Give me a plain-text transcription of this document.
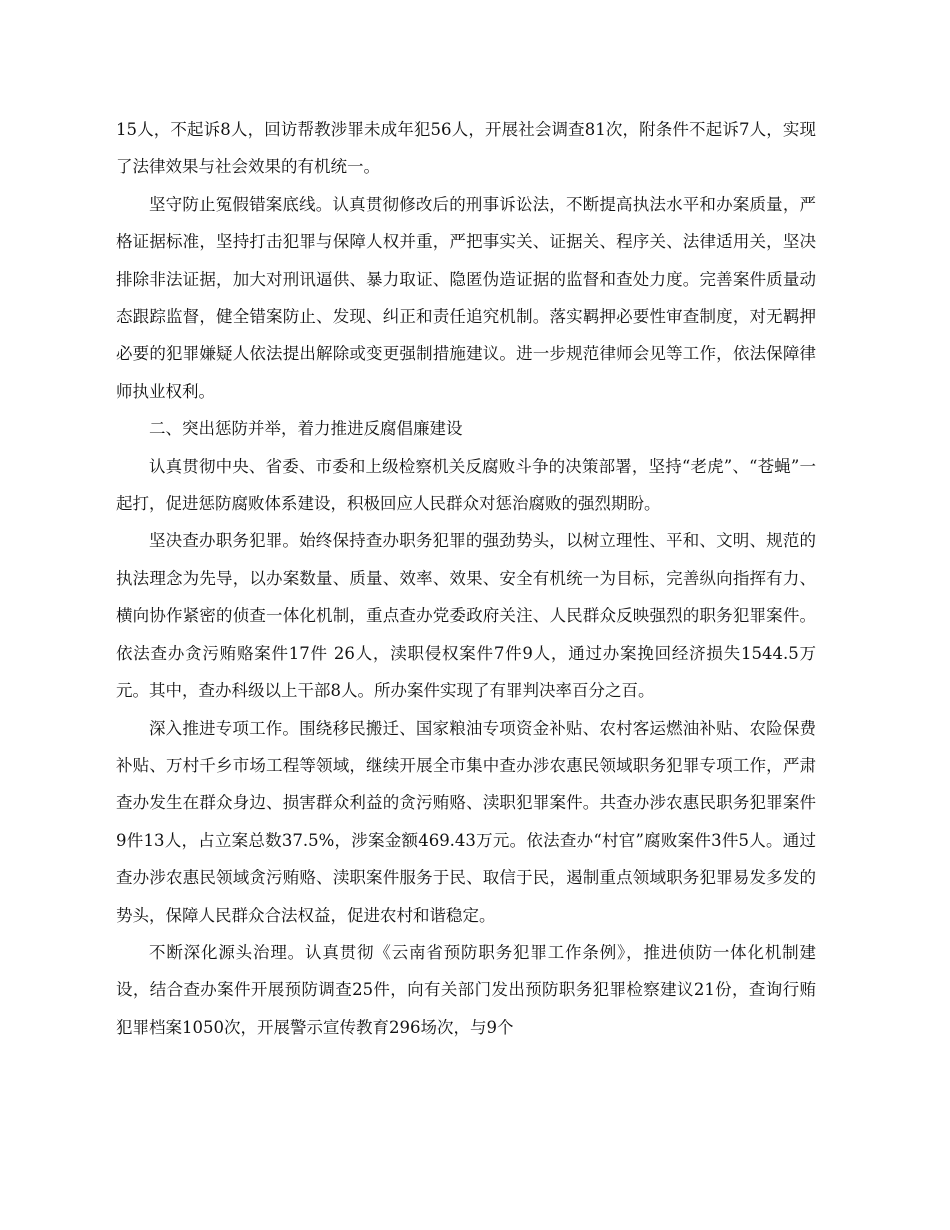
15人，不起诉8人，回访帮教涉罪未成年犯56人，开展社会调查81次，附条件不起诉7人，实现了法律效果与社会效果的有机统一。

坚守防止冤假错案底线。认真贯彻修改后的刑事诉讼法，不断提高执法水平和办案质量，严格证据标准，坚持打击犯罪与保障人权并重，严把事实关、证据关、程序关、法律适用关，坚决排除非法证据，加大对刑讯逼供、暴力取证、隐匿伪造证据的监督和查处力度。完善案件质量动态跟踪监督，健全错案防止、发现、纠正和责任追究机制。落实羁押必要性审查制度，对无羁押必要的犯罪嫌疑人依法提出解除或变更强制措施建议。进一步规范律师会见等工作，依法保障律师执业权利。

二、突出惩防并举，着力推进反腐倡廉建设

认真贯彻中央、省委、市委和上级检察机关反腐败斗争的决策部署，坚持“老虎”、“苍蝇”一起打，促进惩防腐败体系建设，积极回应人民群众对惩治腐败的强烈期盼。

坚决查办职务犯罪。始终保持查办职务犯罪的强劲势头，以树立理性、平和、文明、规范的执法理念为先导，以办案数量、质量、效率、效果、安全有机统一为目标，完善纵向指挥有力、横向协作紧密的侦查一体化机制，重点查办党委政府关注、人民群众反映强烈的职务犯罪案件。依法查办贪污贿赂案件17件 26人，渎职侵权案件7件9人，通过办案挽回经济损失1544.5万元。其中，查办科级以上干部8人。所办案件实现了有罪判决率百分之百。

深入推进专项工作。围绕移民搬迁、国家粮油专项资金补贴、农村客运燃油补贴、农险保费补贴、万村千乡市场工程等领域，继续开展全市集中查办涉农惠民领域职务犯罪专项工作，严肃查办发生在群众身边、损害群众利益的贪污贿赂、渎职犯罪案件。共查办涉农惠民职务犯罪案件9件13人，占立案总数37.5%，涉案金额469.43万元。依法查办“村官”腐败案件3件5人。通过查办涉农惠民领域贪污贿赂、渎职案件服务于民、取信于民，遏制重点领域职务犯罪易发多发的势头，保障人民群众合法权益，促进农村和谐稳定。

不断深化源头治理。认真贯彻《云南省预防职务犯罪工作条例》，推进侦防一体化机制建设，结合查办案件开展预防调查25件，向有关部门发出预防职务犯罪检察建议21份，查询行贿犯罪档案1050次，开展警示宣传教育296场次，与9个
